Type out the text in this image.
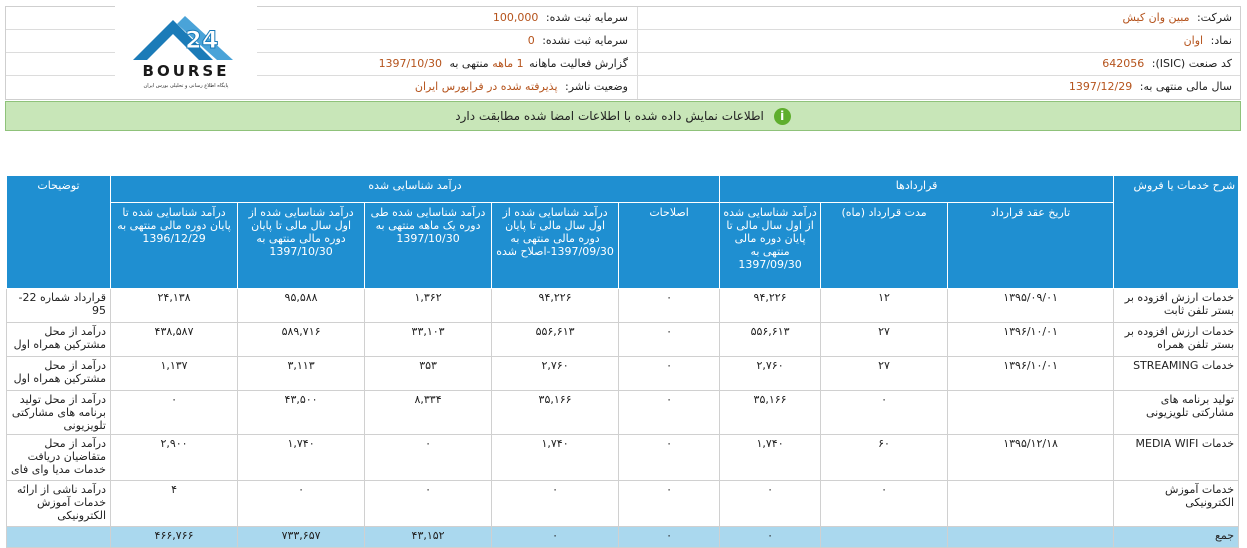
شرکت: مبین وان کیش
سرمایه ثبت شده: 100,000
نماد: اوان
سرمایه ثبت نشده: 0
کد صنعت (ISIC): 642056
گزارش فعالیت ماهانه 1 ماهه منتهی به 1397/10/30
سال مالی منتهی به: 1397/12/29
وضعیت ناشر: پذیرفته شده در فرابورس ایران
24
BOURSE
پایگاه اطلاع رسانی و تحلیلی بورس ایران
i اطلاعات نمایش داده شده با اطلاعات امضا شده مطابقت دارد
شرح خدمات یا فروش	قراردادها			درآمد شناسایی شده					توضیحات
	تاریخ عقد قرارداد	مدت قرارداد (ماه)	درآمد شناسایی شده از اول سال مالی تا پایان دوره مالی منتهی به 1397/09/30	اصلاحات	درآمد شناسایی شده از اول سال مالی تا پایان دوره مالی منتهی به 1397/09/30-اصلاح شده	درآمد شناسایی شده طی دوره یک ماهه منتهی به 1397/10/30	درآمد شناسایی شده از اول سال مالی تا پایان دوره مالی منتهی به 1397/10/30	درآمد شناسایی شده تا پایان دوره مالی منتهی به 1396/12/29	
خدمات ارزش افزوده بر بستر تلفن ثابت	۱۳۹۵/۰۹/۰۱	۱۲	۹۴,۲۲۶	۰	۹۴,۲۲۶	۱,۳۶۲	۹۵,۵۸۸	۲۴,۱۳۸	قرارداد شماره 22-95
خدمات ارزش افزوده بر بستر تلفن همراه	۱۳۹۶/۱۰/۰۱	۲۷	۵۵۶,۶۱۳	۰	۵۵۶,۶۱۳	۳۳,۱۰۳	۵۸۹,۷۱۶	۴۳۸,۵۸۷	درآمد از محل مشترکین همراه اول
خدمات STREAMING	۱۳۹۶/۱۰/۰۱	۲۷	۲,۷۶۰	۰	۲,۷۶۰	۳۵۳	۳,۱۱۳	۱,۱۳۷	درآمد از محل مشترکین همراه اول
تولید برنامه های مشارکتی تلویزیونی		۰	۳۵,۱۶۶	۰	۳۵,۱۶۶	۸,۳۳۴	۴۳,۵۰۰	۰	درآمد از محل تولید برنامه های مشارکتی تلویزیونی
خدمات MEDIA WIFI	۱۳۹۵/۱۲/۱۸	۶۰	۱,۷۴۰	۰	۱,۷۴۰	۰	۱,۷۴۰	۲,۹۰۰	درآمد از محل متقاضیان دریافت خدمات مدیا وای فای
خدمات آموزش الکترونیکی		۰	۰	۰	۰	۰	۰	۴	درآمد ناشی از ارائه خدمات آموزش الکترونیکی
جمع			۰	۰	۰	۴۳,۱۵۲	۷۳۳,۶۵۷	۴۶۶,۷۶۶	
